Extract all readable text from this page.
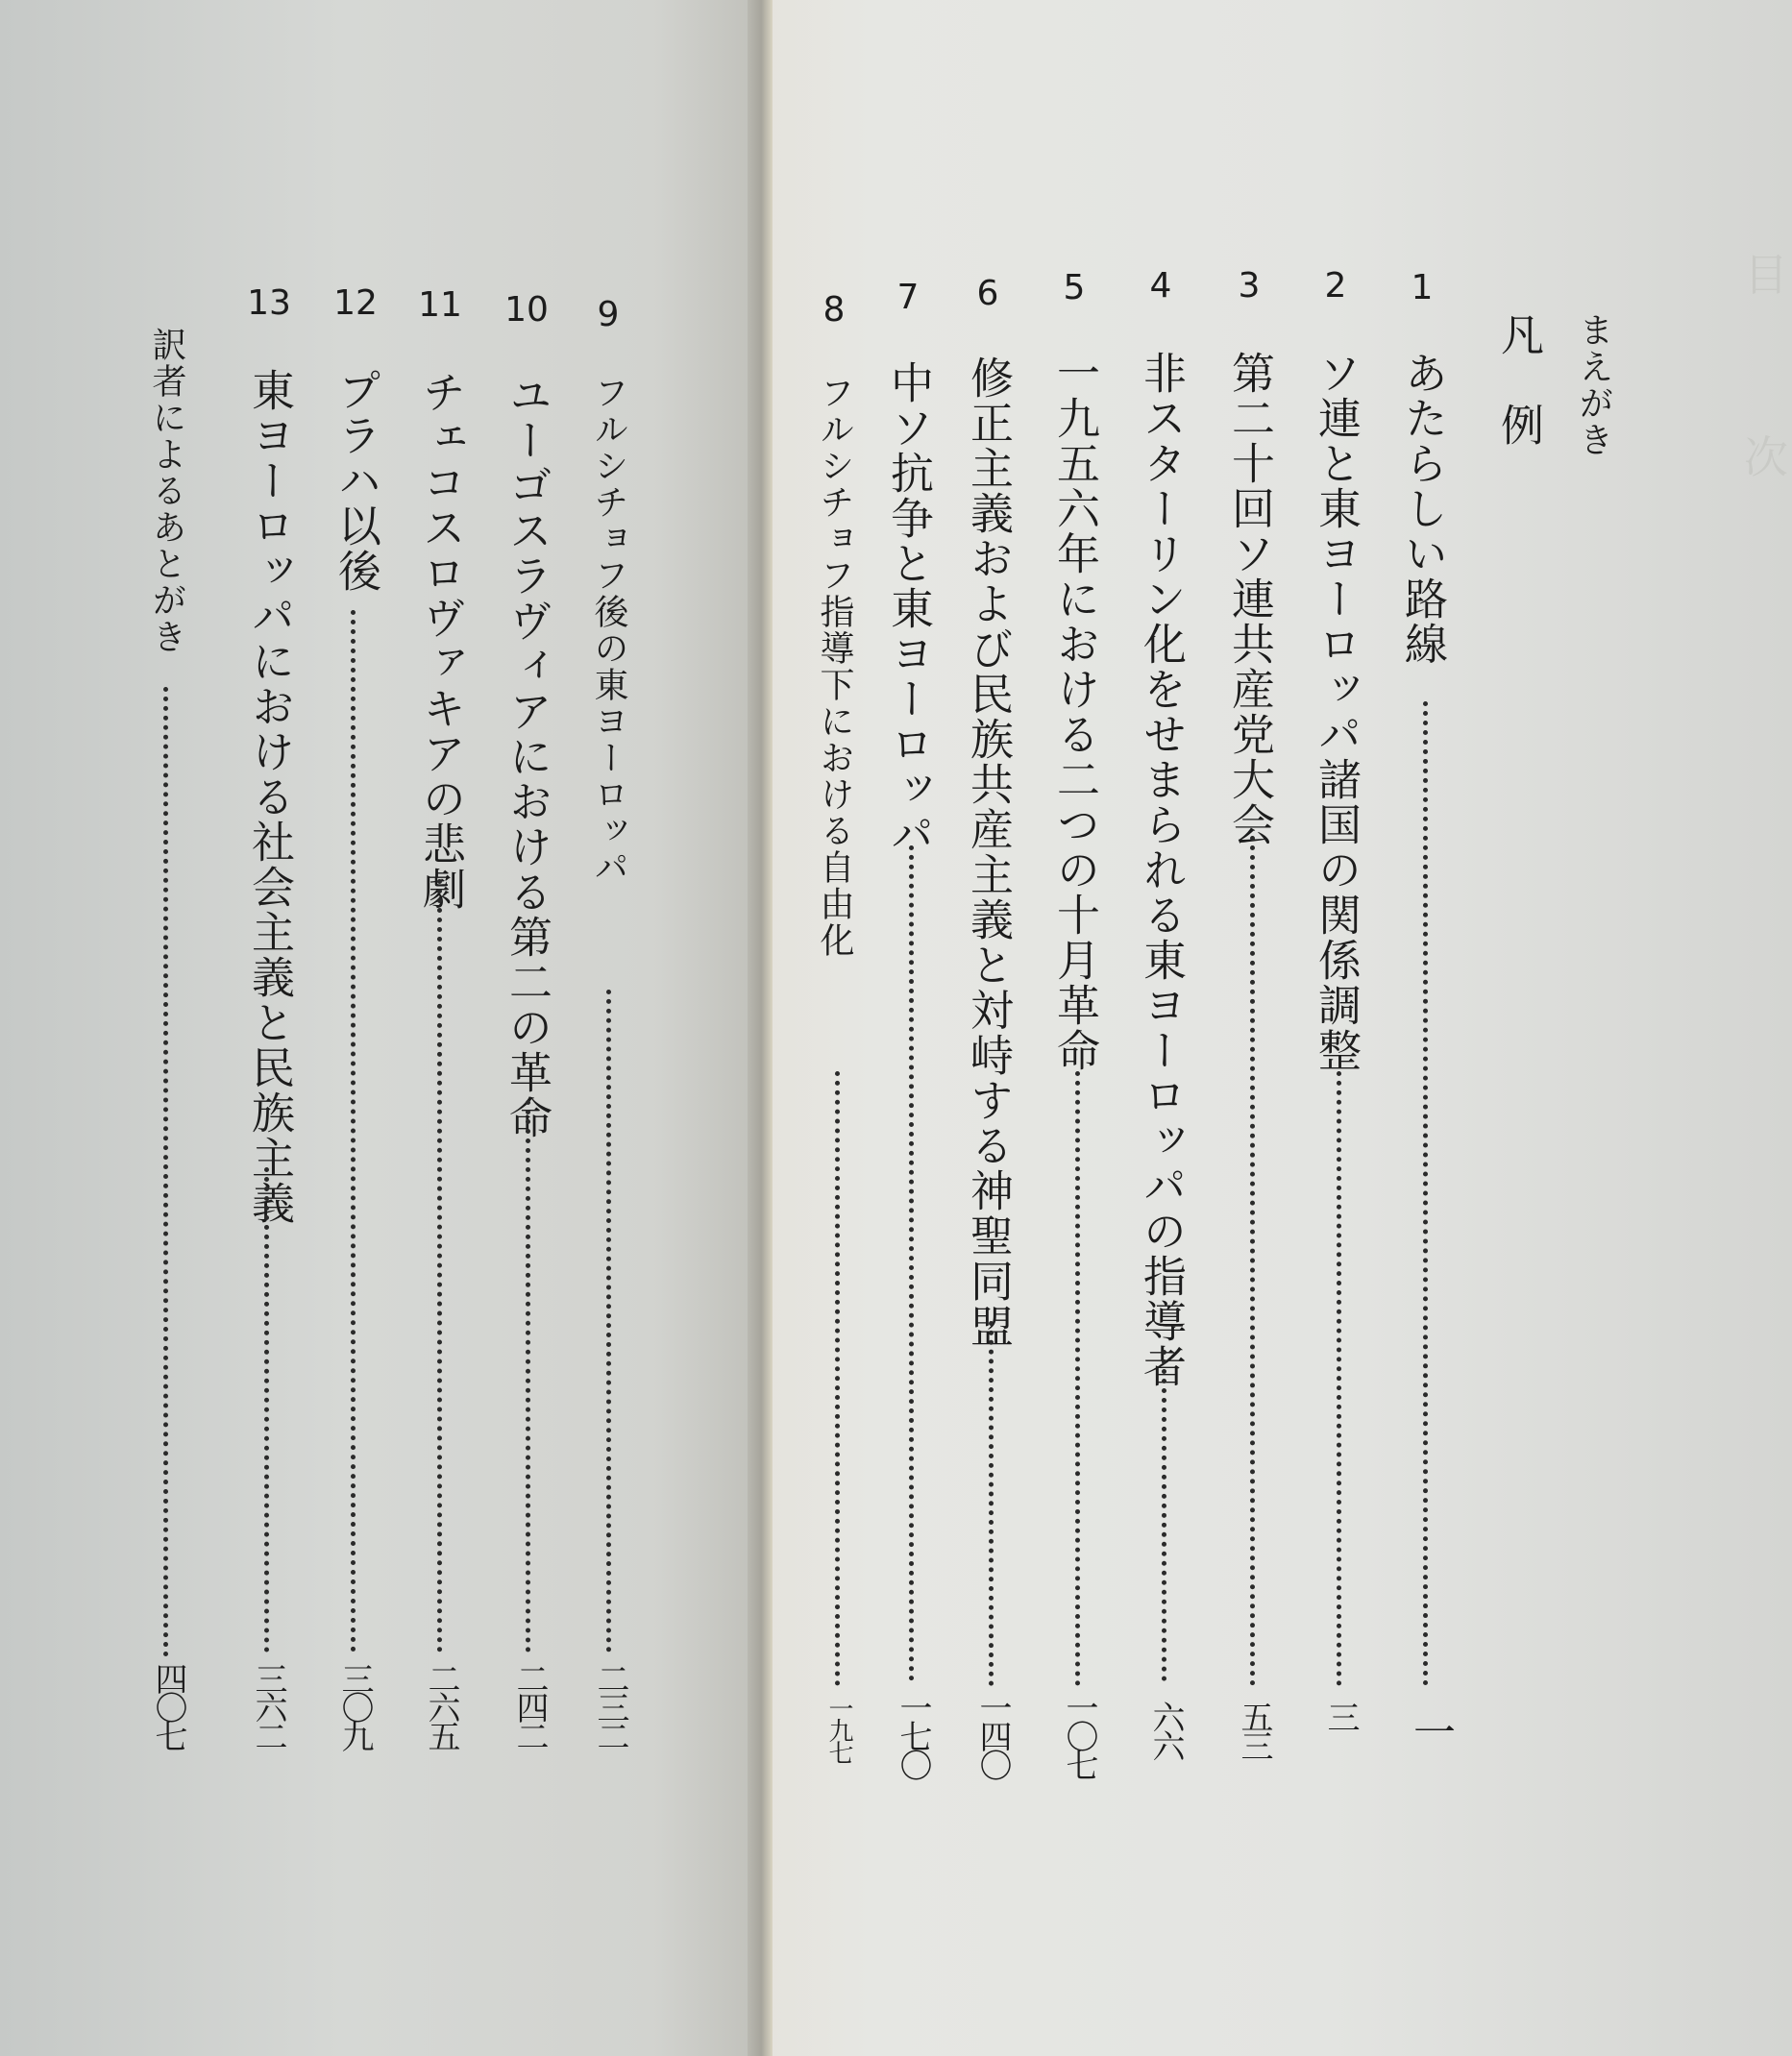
目
次
まえがき
凡　例
1
あたらしい路線
一
2
ソ連と東ヨーロッパ諸国の関係調整
三
3
第二十回ソ連共産党大会
五三
4
非スターリン化をせまられる東ヨーロッパの指導者
六六
5
一九五六年における二つの十月革命
一〇七
6
修正主義および民族共産主義と対峙する神聖同盟
一四〇
7
中ソ抗争と東ヨーロッパ
一七〇
8
フルシチョフ指導下における自由化
一九七
9
フルシチョフ後の東ヨーロッパ
二三二
10
ユーゴスラヴィアにおける第二の革命
二四二
11
チェコスロヴァキアの悲劇
二六五
12
プラハ以後
三〇九
13
東ヨーロッパにおける社会主義と民族主義
三六二
訳者によるあとがき
四〇七
